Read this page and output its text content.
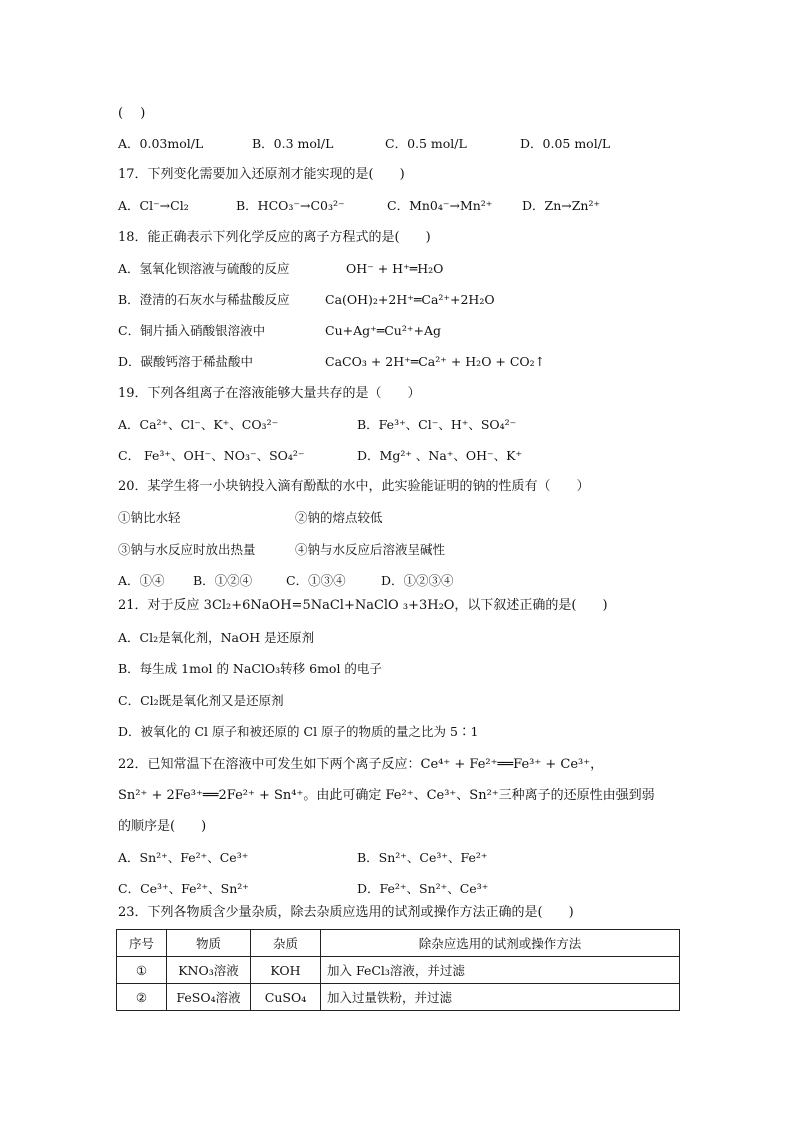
(　 )
A．0.03mol/L	B．0.3 mol/L	C．0.5 mol/L	D．0.05 mol/L
17．下列变化需要加入还原剂才能实现的是(　　)
A．Cl⁻→Cl₂	B．HCO₃⁻→C0₃²⁻	C．Mn0₄⁻→Mn²⁺ D．Zn→Zn²⁺
18．能正确表示下列化学反应的离子方程式的是(　　)
A．氢氧化钡溶液与硫酸的反应	OH⁻ + H⁺═H₂O
B．澄清的石灰水与稀盐酸反应	Ca(OH)₂+2H⁺═Ca²⁺+2H₂O
C．铜片插入硝酸银溶液中	Cu+Ag⁺═Cu²⁺+Ag
D．碳酸钙溶于稀盐酸中	CaCO₃ + 2H⁺═Ca²⁺ + H₂O + CO₂↑
19．下列各组离子在溶液能够大量共存的是（　　）
A．Ca²⁺、Cl⁻、K⁺、CO₃²⁻	B．Fe³⁺、Cl⁻、H⁺、SO₄²⁻
C． Fe³⁺、OH⁻、NO₃⁻、SO₄²⁻	D．Mg²⁺ 、Na⁺、OH⁻、K⁺
20．某学生将一小块钠投入滴有酚酞的水中，此实验能证明的钠的性质有（　　）
①钠比水轻	②钠的熔点较低
③钠与水反应时放出热量	④钠与水反应后溶液呈碱性
A．①④ B．①②④	C．①③④	D．①②③④
21．对于反应 3Cl₂+6NaOH=5NaCl+NaClO ₃+3H₂O，以下叙述正确的是(　　)
A．Cl₂是氧化剂，NaOH 是还原剂
B．每生成 1mol 的 NaClO₃转移 6mol 的电子
C．Cl₂既是氧化剂又是还原剂
D．被氧化的 Cl 原子和被还原的 Cl 原子的物质的量之比为 5∶1
22．已知常温下在溶液中可发生如下两个离子反应：Ce⁴⁺ + Fe²⁺══Fe³⁺ + Ce³⁺，
Sn²⁺ + 2Fe³⁺══2Fe²⁺ + Sn⁴⁺。由此可确定 Fe²⁺、Ce³⁺、Sn²⁺三种离子的还原性由强到弱
的顺序是(　　)
A．Sn²⁺、Fe²⁺、Ce³⁺	B．Sn²⁺、Ce³⁺、Fe²⁺
C．Ce³⁺、Fe²⁺、Sn²⁺	D．Fe²⁺、Sn²⁺、Ce³⁺
23．下列各物质含少量杂质，除去杂质应选用的试剂或操作方法正确的是(　　)
序号	物质	杂质	除杂应选用的试剂或操作方法
①	KNO₃溶液	KOH	加入 FeCl₃溶液，并过滤
②	FeSO₄溶液	CuSO₄	加入过量铁粉，并过滤
